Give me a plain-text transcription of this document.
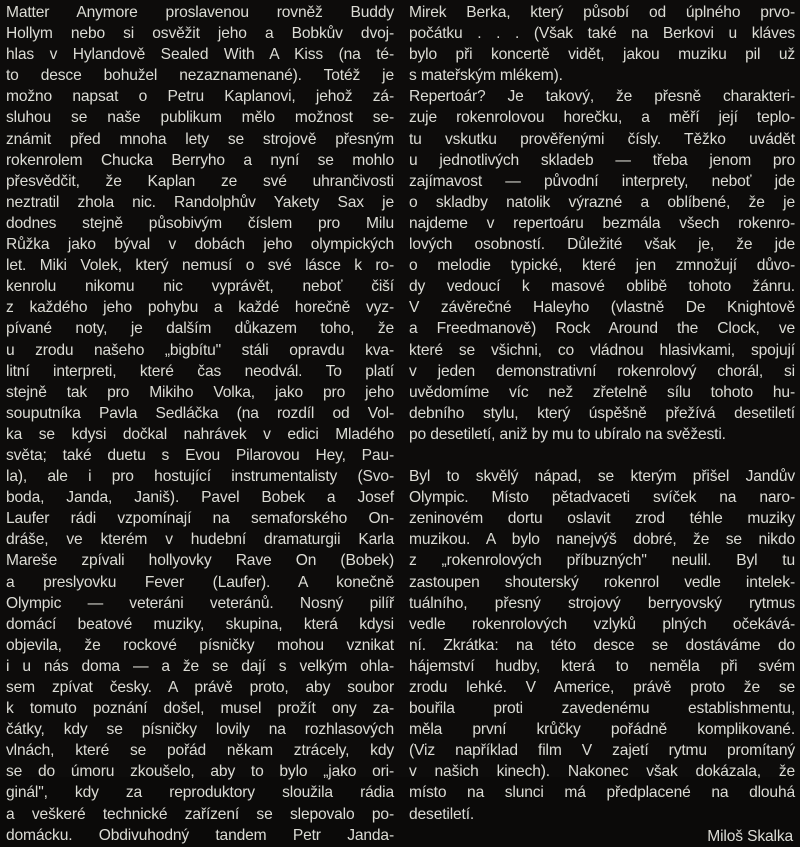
Matter Anymore proslavenou rovněž Buddy
Hollym nebo si osvěžit jeho a Bobkův dvoj-
hlas v Hylandově Sealed With A Kiss (na té-
to desce bohužel nezaznamenané). Totéž je
možno napsat o Petru Kaplanovi, jehož zá-
sluhou se naše publikum mělo možnost se-
známit před mnoha lety se strojově přesným
rokenrolem Chucka Berryho a nyní se mohlo
přesvědčit, že Kaplan ze své uhrančivosti
neztratil zhola nic. Randolphův Yakety Sax je
dodnes stejně působivým číslem pro Milu
Růžka jako býval v dobách jeho olympických
let. Miki Volek, který nemusí o své lásce k ro-
kenrolu nikomu nic vyprávět, neboť čiší
z každého jeho pohybu a každé horečně vyz-
pívané noty, je dalším důkazem toho, že
u zrodu našeho „bigbítu" stáli opravdu kva-
litní interpreti, které čas neodvál. To platí
stejně tak pro Mikiho Volka, jako pro jeho
souputníka Pavla Sedláčka (na rozdíl od Vol-
ka se kdysi dočkal nahrávek v edici Mladého
světa; také duetu s Evou Pilarovou Hey, Pau-
la), ale i pro hostující instrumentalisty (Svo-
boda, Janda, Janiš). Pavel Bobek a Josef
Laufer rádi vzpomínají na semaforského On-
dráše, ve kterém v hudební dramaturgii Karla
Mareše zpívali hollyovky Rave On (Bobek)
a preslyovku Fever (Laufer). A konečně
Olympic — veteráni veteránů. Nosný pilíř
domácí beatové muziky, skupina, která kdysi
objevila, že rockové písničky mohou vznikat
i u nás doma — a že se dají s velkým ohla-
sem zpívat česky. A právě proto, aby soubor
k tomuto poznání došel, musel prožít ony za-
čátky, kdy se písničky lovily na rozhlasových
vlnách, které se pořád někam ztrácely, kdy
se do úmoru zkoušelo, aby to bylo „jako ori-
ginál", kdy za reproduktory sloužila rádia
a veškeré technické zařízení se slepovalo po-
domácku. Obdivuhodný tandem Petr Janda-
Mirek Berka, který působí od úplného prvo-
počátku . . . (Však také na Berkovi u kláves
bylo při koncertě vidět, jakou muziku pil už
s mateřským mlékem).
Repertoár? Je takový, že přesně charakteri-
zuje rokenrolovou horečku, a měří její teplo-
tu vskutku prověřenými čísly. Těžko uvádět
u jednotlivých skladeb — třeba jenom pro
zajímavost — původní interprety, neboť jde
o skladby natolik výrazné a oblíbené, že je
najdeme v repertoáru bezmála všech rokenro-
lových osobností. Důležité však je, že jde
o melodie typické, které jen zmnožují důvo-
dy vedoucí k masové oblibě tohoto žánru.
V závěrečné Haleyho (vlastně De Knightově
a Freedmanově) Rock Around the Clock, ve
které se všichni, co vládnou hlasivkami, spojují
v jeden demonstrativní rokenrolový chorál, si
uvědomíme víc než zřetelně sílu tohoto hu-
debního stylu, který úspěšně přežívá desetiletí
po desetiletí, aniž by mu to ubíralo na svěžesti.
Byl to skvělý nápad, se kterým přišel Jandův
Olympic. Místo pětadvaceti svíček na naro-
zeninovém dortu oslavit zrod téhle muziky
muzikou. A bylo nanejvýš dobré, že se nikdo
z „rokenrolových příbuzných" neulil. Byl tu
zastoupen shouterský rokenrol vedle intelek-
tuálního, přesný strojový berryovský rytmus
vedle rokenrolových vzlyků plných očekává-
ní. Zkrátka: na této desce se dostáváme do
hájemství hudby, která to neměla při svém
zrodu lehké. V Americe, právě proto že se
bouřila proti zavedenému establishmentu,
měla první krůčky pořádně komplikované.
(Viz například film V zajetí rytmu promítaný
v našich kinech). Nakonec však dokázala, že
místo na slunci má předplacené na dlouhá
desetiletí.
Miloš Skalka
